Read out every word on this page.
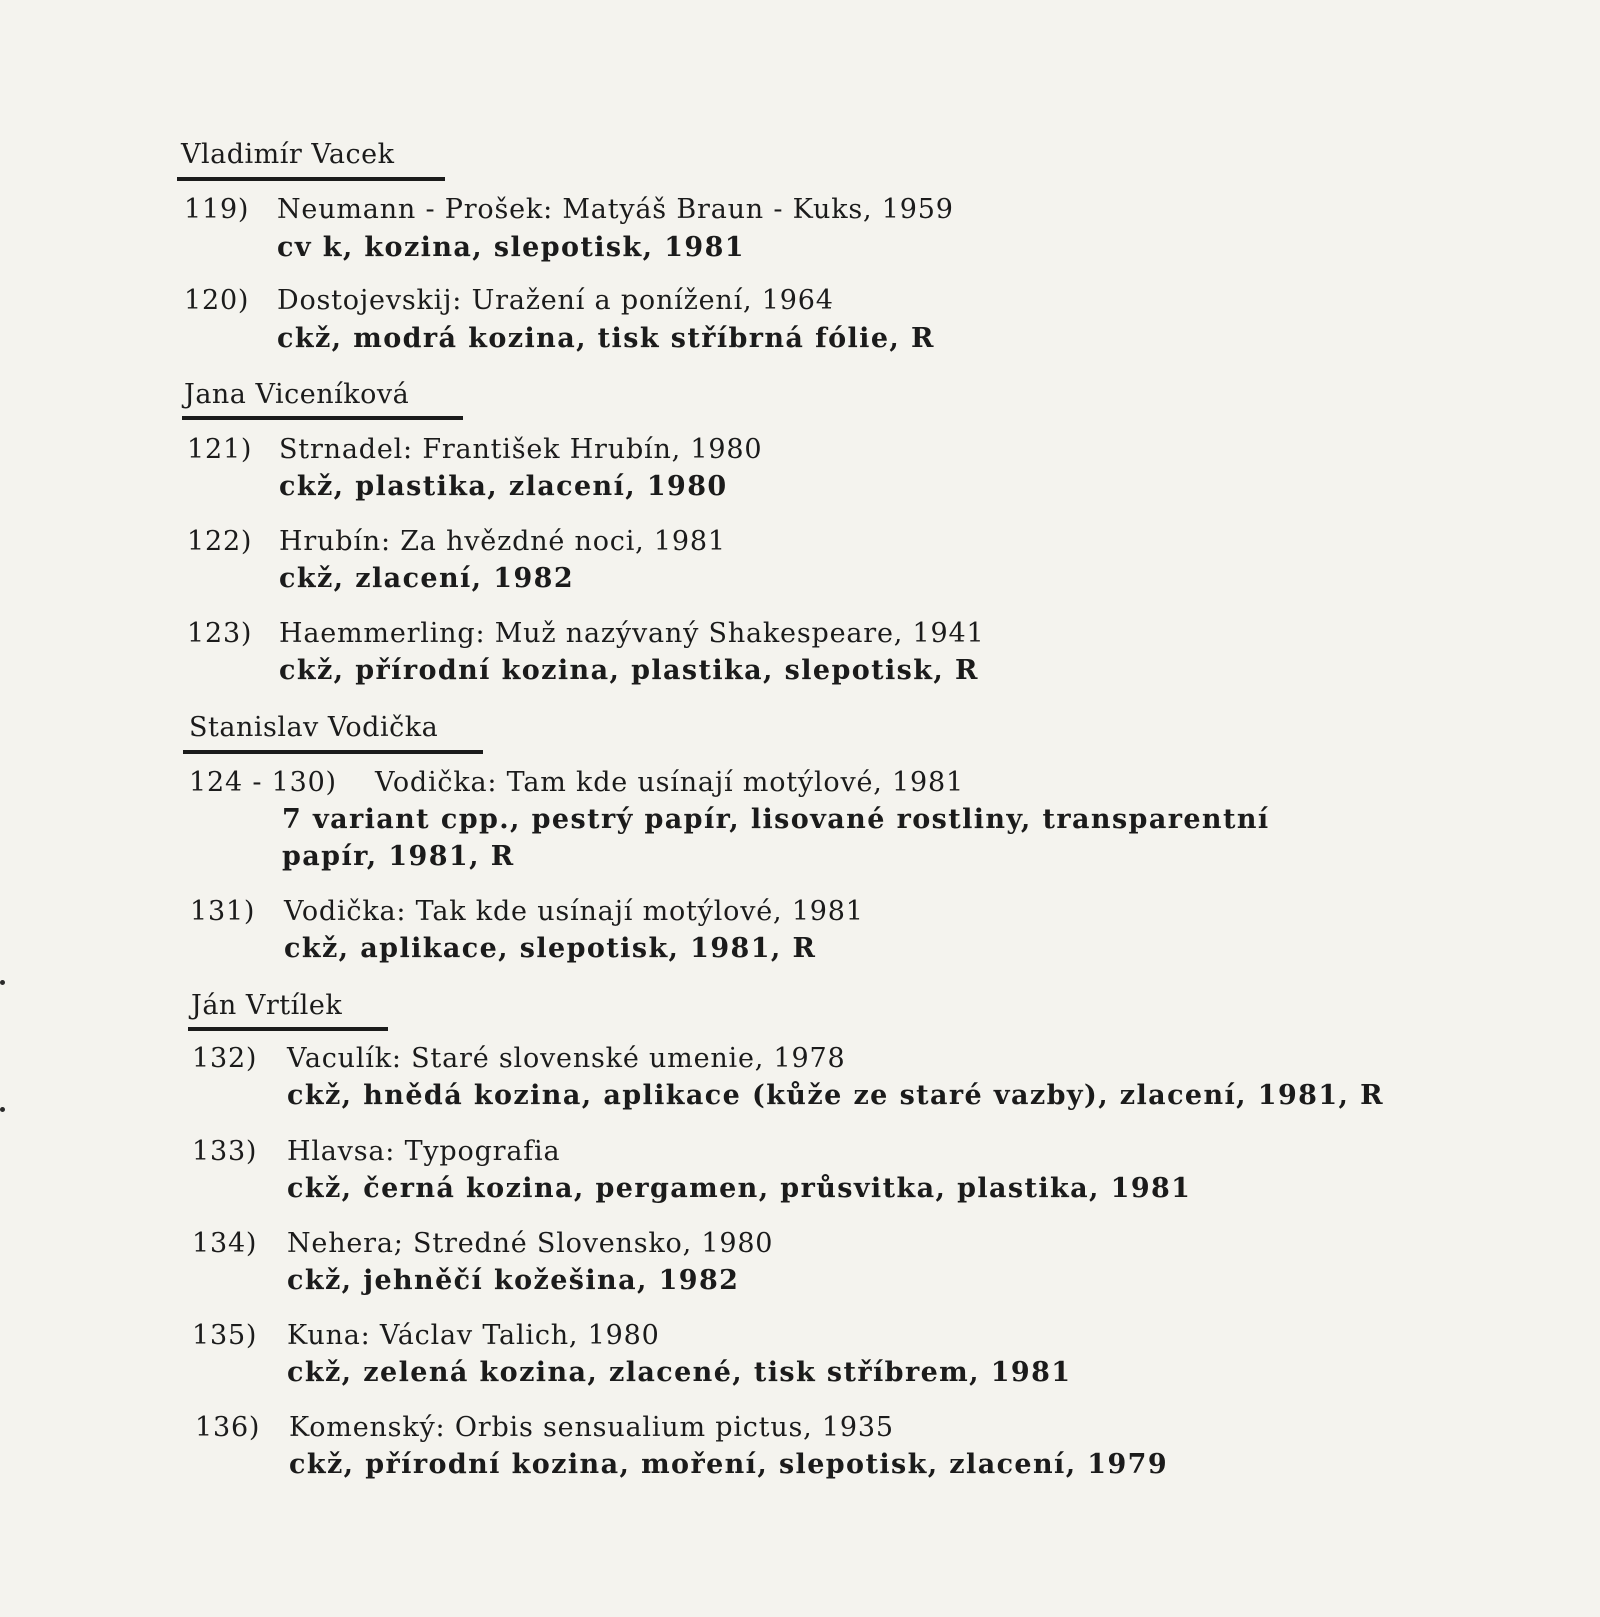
Vladimír Vacek
119) Neumann - Prošek: Matyáš Braun - Kuks, 1959
cv k, kozina, slepotisk, 1981
120) Dostojevskij: Uražení a ponížení, 1964
ckž, modrá kozina, tisk stříbrná fólie, R
Jana Viceníková
121) Strnadel: František Hrubín, 1980
ckž, plastika, zlacení, 1980
122) Hrubín: Za hvězdné noci, 1981
ckž, zlacení, 1982
123) Haemmerling: Muž nazývaný Shakespeare, 1941
ckž, přírodní kozina, plastika, slepotisk, R
Stanislav Vodička
124 - 130) Vodička: Tam kde usínají motýlové, 1981
7 variant cpp., pestrý papír, lisované rostliny, transparentní
papír, 1981, R
131) Vodička: Tak kde usínají motýlové, 1981
ckž, aplikace, slepotisk, 1981, R
Ján Vrtílek
132) Vaculík: Staré slovenské umenie, 1978
ckž, hnědá kozina, aplikace (kůže ze staré vazby), zlacení, 1981, R
133) Hlavsa: Typografia
ckž, černá kozina, pergamen, průsvitka, plastika, 1981
134) Nehera; Stredné Slovensko, 1980
ckž, jehněčí kožešina, 1982
135) Kuna: Václav Talich, 1980
ckž, zelená kozina, zlacené, tisk stříbrem, 1981
136) Komenský: Orbis sensualium pictus, 1935
ckž, přírodní kozina, moření, slepotisk, zlacení, 1979
